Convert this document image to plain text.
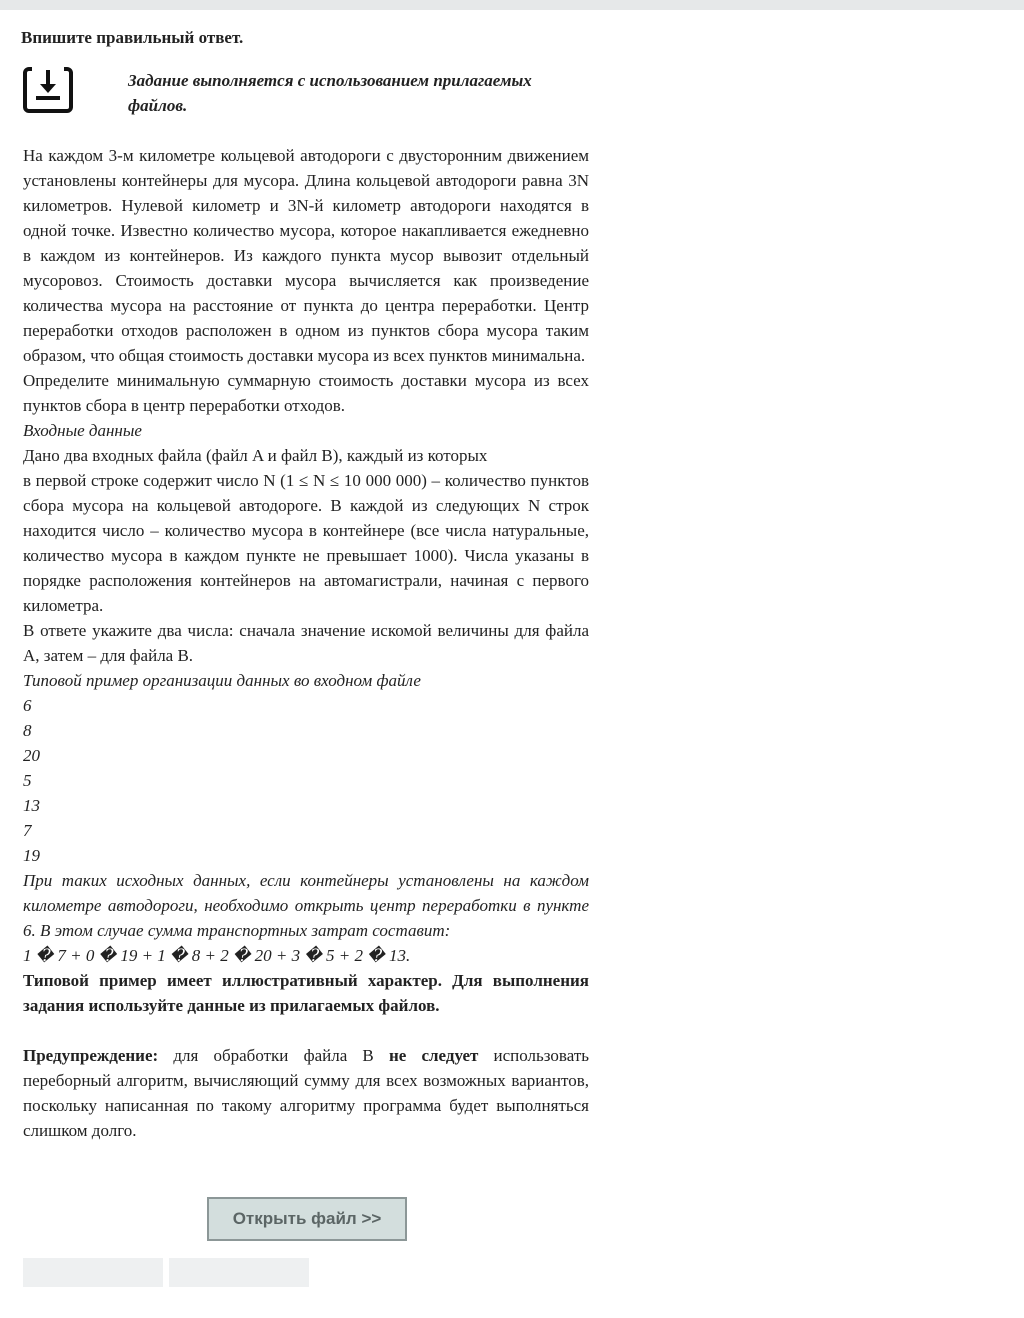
Впишите правильный ответ.
Задание выполняется с использованием прилагаемых файлов.

На каждом 3-м километре кольцевой автодороги с двусторонним движением установлены контейнеры для мусора. Длина кольцевой автодороги равна 3N километров. Нулевой километр и 3N-й километр автодороги находятся в одной точке. Известно количество мусора, которое накапливается ежедневно в каждом из контейнеров. Из каждого пункта мусор вывозит отдельный мусоровоз. Стоимость доставки мусора вычисляется как произведение количества мусора на расстояние от пункта до центра переработки. Центр переработки отходов расположен в одном из пунктов сбора мусора таким образом, что общая стоимость доставки мусора из всех пунктов минимальна.

Определите минимальную суммарную стоимость доставки мусора из всех пунктов сбора в центр переработки отходов.

Входные данные

Дано два входных файла (файл A и файл B), каждый из которых

в первой строке содержит число N (1 ≤ N ≤ 10 000 000) – количество пунктов сбора мусора на кольцевой автодороге. В каждой из следующих N строк находится число – количество мусора в контейнере (все числа натуральные, количество мусора в каждом пункте не превышает 1000). Числа указаны в порядке расположения контейнеров на автомагистрали, начиная с первого километра.

В ответе укажите два числа: сначала значение искомой величины для файла A, затем – для файла B.

Типовой пример организации данных во входном файле

6

8

20

5

13

7

19

При таких исходных данных, если контейнеры установлены на каждом километре автодороги, необходимо открыть центр переработки в пункте 6. В этом случае сумма транспортных затрат составит:

1 � 7 + 0 � 19 + 1 � 8 + 2 � 20 + 3 � 5 + 2 � 13.

Типовой пример имеет иллюстративный характер. Для выполнения задания используйте данные из прилагаемых файлов.

Предупреждение: для обработки файла B не следует использовать переборный алгоритм, вычисляющий сумму для всех возможных вариантов, поскольку написанная по такому алгоритму программа будет выполняться слишком долго.

Открыть файл >>
